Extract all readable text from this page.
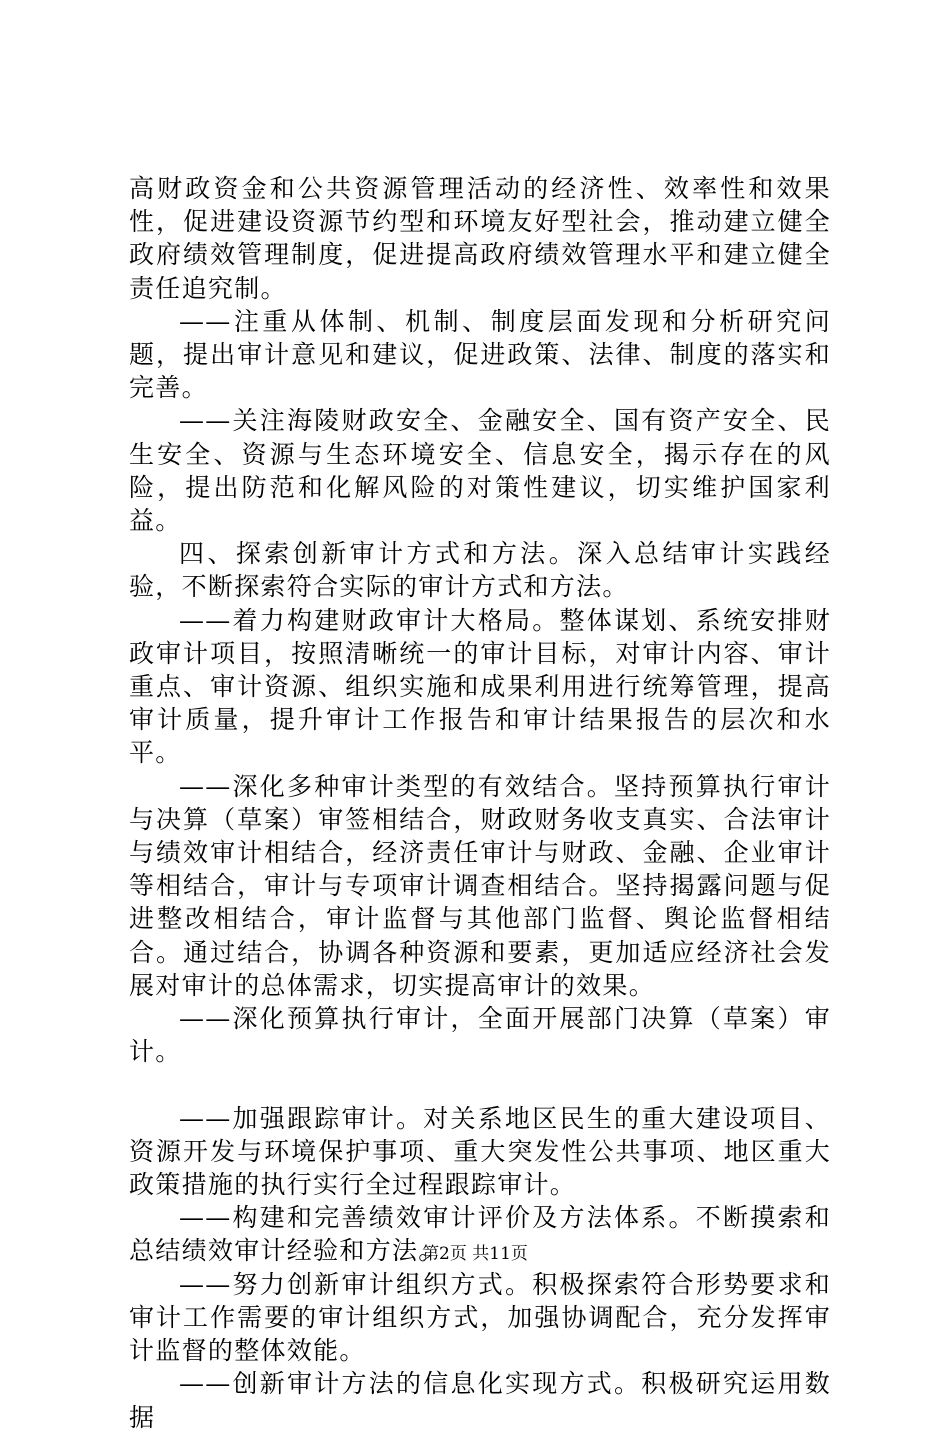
高财政资金和公共资源管理活动的经济性、效率性和效果性，促进建设资源节约型和环境友好型社会，推动建立健全政府绩效管理制度，促进提高政府绩效管理水平和建立健全责任追究制。

——注重从体制、机制、制度层面发现和分析研究问题，提出审计意见和建议，促进政策、法律、制度的落实和完善。

——关注海陵财政安全、金融安全、国有资产安全、民生安全、资源与生态环境安全、信息安全，揭示存在的风险，提出防范和化解风险的对策性建议，切实维护国家利益。

四、探索创新审计方式和方法。深入总结审计实践经验，不断探索符合实际的审计方式和方法。

——着力构建财政审计大格局。整体谋划、系统安排财政审计项目，按照清晰统一的审计目标，对审计内容、审计重点、审计资源、组织实施和成果利用进行统筹管理，提高审计质量，提升审计工作报告和审计结果报告的层次和水平。

——深化多种审计类型的有效结合。坚持预算执行审计与决算（草案）审签相结合，财政财务收支真实、合法审计与绩效审计相结合，经济责任审计与财政、金融、企业审计等相结合，审计与专项审计调查相结合。坚持揭露问题与促进整改相结合，审计监督与其他部门监督、舆论监督相结合。通过结合，协调各种资源和要素，更加适应经济社会发展对审计的总体需求，切实提高审计的效果。

——深化预算执行审计，全面开展部门决算（草案）审计。

——加强跟踪审计。对关系地区民生的重大建设项目、资源开发与环境保护事项、重大突发性公共事项、地区重大政策措施的执行实行全过程跟踪审计。

——构建和完善绩效审计评价及方法体系。不断摸索和总结绩效审计经验和方法。

——努力创新审计组织方式。积极探索符合形势要求和审计工作需要的审计组织方式，加强协调配合，充分发挥审计监督的整体效能。

——创新审计方法的信息化实现方式。积极研究运用数据

第2页 共11页
